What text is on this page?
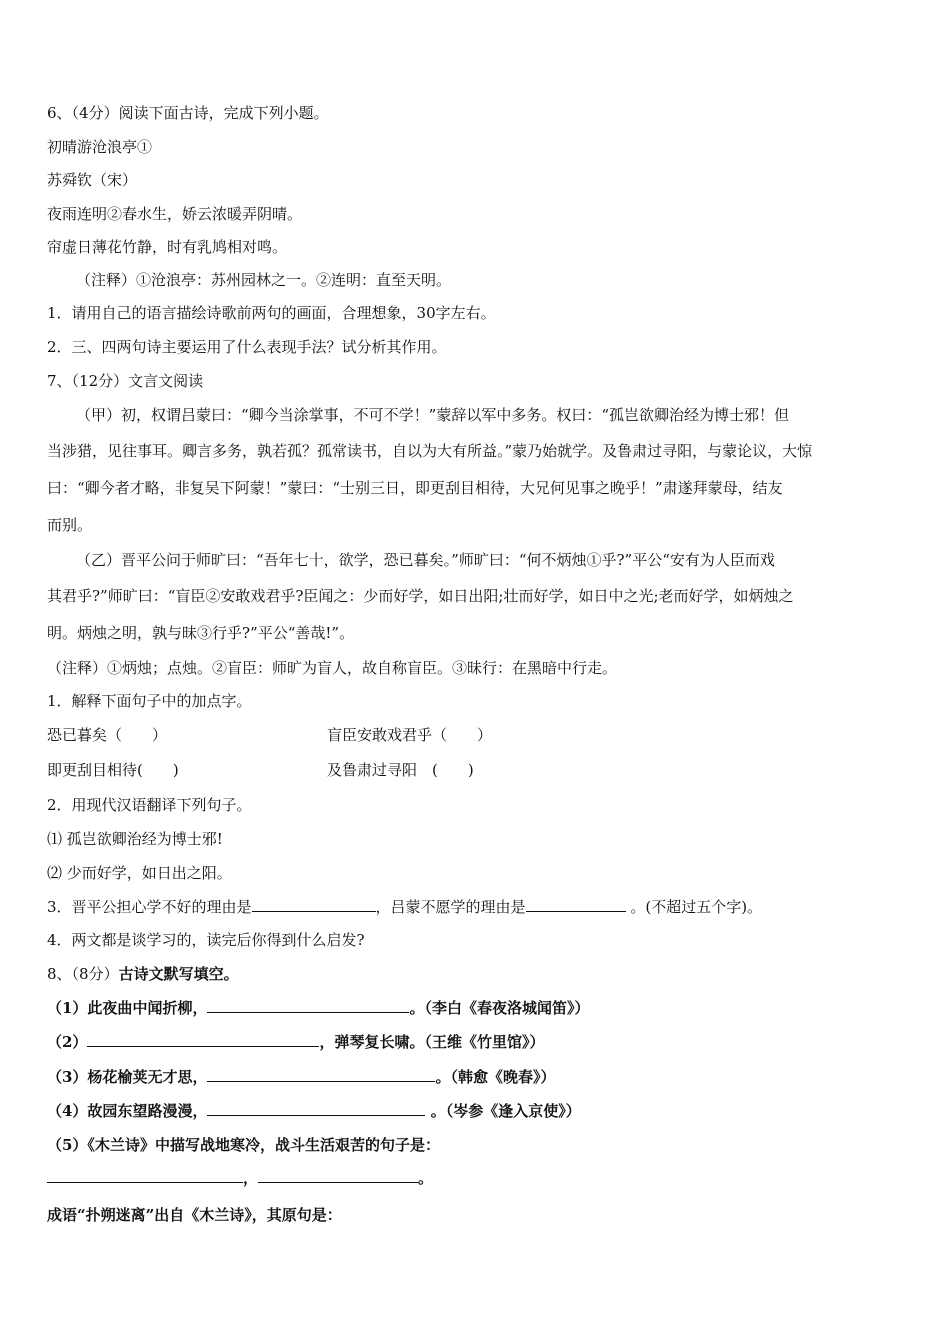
6、（4分）阅读下面古诗，完成下列小题。
初晴游沧浪亭①
苏舜钦（宋）
夜雨连明②春水生，娇云浓暖弄阴晴。
帘虚日薄花竹静，时有乳鸠相对鸣。
（注释）①沧浪亭：苏州园林之一。②连明：直至天明。
1．请用自己的语言描绘诗歌前两句的画面，合理想象，30字左右。
2．三、四两句诗主要运用了什么表现手法？试分析其作用。
7、（12分）文言文阅读
（甲）初，权谓吕蒙曰：“卿今当涂掌事，不可不学！”蒙辞以军中多务。权曰：“孤岂欲卿治经为博士邪！但
当涉猎，见往事耳。卿言多务，孰若孤？孤常读书，自以为大有所益。”蒙乃始就学。及鲁肃过寻阳，与蒙论议，大惊
曰：“卿今者才略，非复吴下阿蒙！”蒙曰：“士别三日，即更刮目相待，大兄何见事之晚乎！”肃遂拜蒙母，结友
而别。
（乙）晋平公问于师旷曰：“吾年七十，欲学，恐已暮矣。”师旷曰：“何不炳烛①乎?”平公“安有为人臣而戏
其君乎?”师旷曰：“盲臣②安敢戏君乎?臣闻之：少而好学，如日出阳;壮而好学，如日中之光;老而好学，如炳烛之
明。炳烛之明，孰与昧③行乎?”平公“善哉!”。
（注释）①炳烛；点烛。②盲臣：师旷为盲人，故自称盲臣。③昧行：在黑暗中行走。
1．解释下面句子中的加点字。
恐已暮矣（　　）	盲臣安敢戏君乎（　　）
即更刮目相待(　　)	及鲁肃过寻阳　(　　)
2．用现代汉语翻译下列句子。
⑴ 孤岂欲卿治经为博士邪!
⑵ 少而好学，如日出之阳。
3．晋平公担心学不好的理由是	，吕蒙不愿学的理由是	。(不超过五个字)。
4．两文都是谈学习的，读完后你得到什么启发?
8、（8分）古诗文默写填空。
（1）此夜曲中闻折柳，	。（李白《春夜洛城闻笛》）
（2）	，弹琴复长啸。（王维《竹里馆》）
（3）杨花榆荚无才思，	。（韩愈《晚春》）
（4）故园东望路漫漫，	。（岑参《逢入京使》）
（5）《木兰诗》中描写战地寒冷，战斗生活艰苦的句子是：
，	。
成语“扑朔迷离”出自《木兰诗》，其原句是：
